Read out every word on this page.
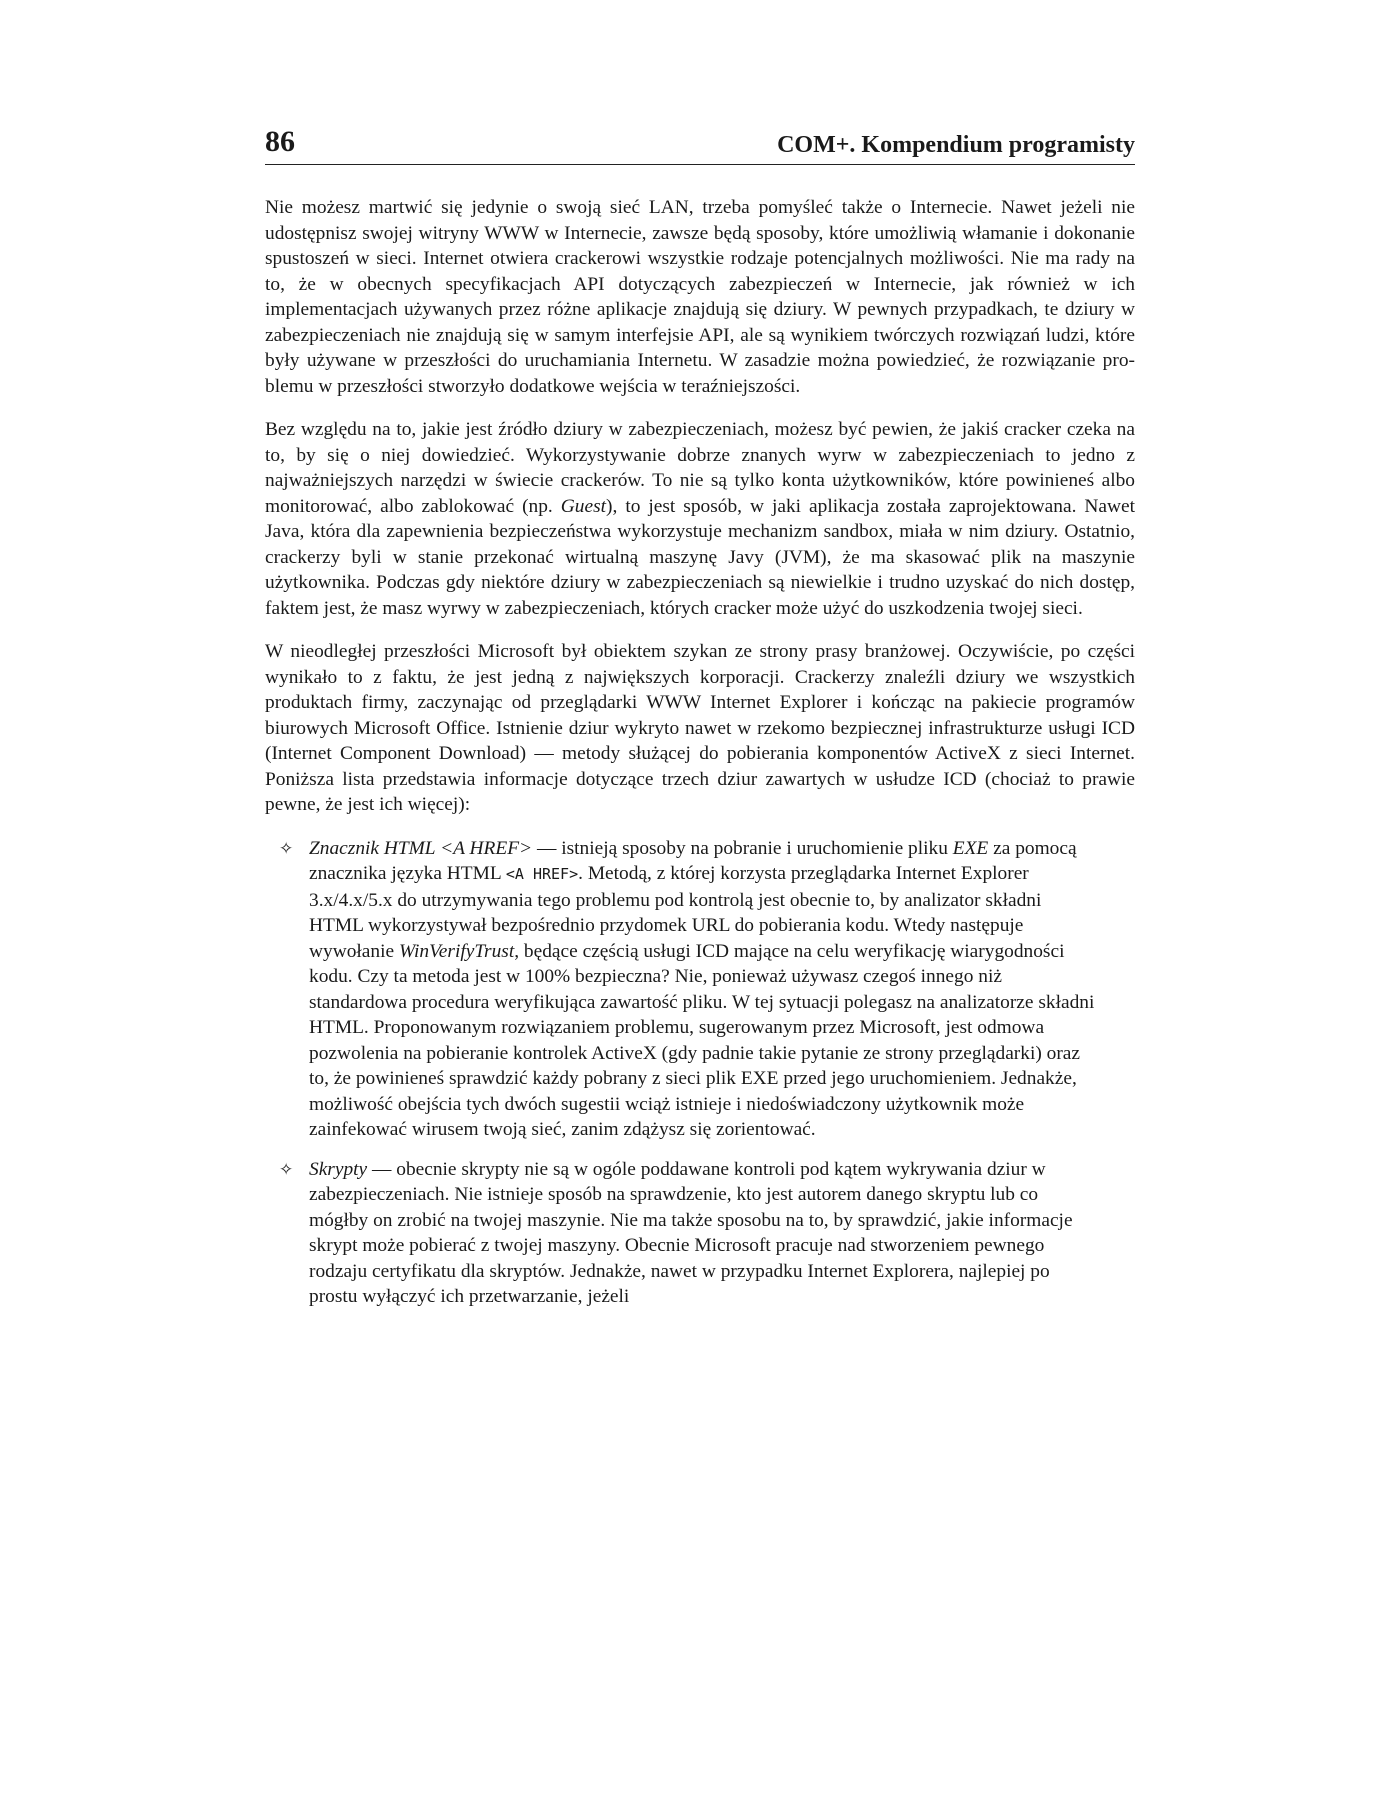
86	COM+. Kompendium programisty

Nie możesz martwić się jedynie o swoją sieć LAN, trzeba pomyśleć także o Internecie. Nawet jeżeli nie udostępnisz swojej witryny WWW w Internecie, zawsze będą sposoby, które umożliwią włamanie i dokonanie spustoszeń w sieci. Internet otwiera crackerowi wszystkie rodzaje potencjalnych możliwości. Nie ma rady na to, że w obecnych specyfikacjach API dotyczących zabezpieczeń w Internecie, jak również w ich implementacjach używanych przez różne aplikacje znajdują się dziury. W pewnych przypadkach, te dziury w zabezpieczeniach nie znajdują się w samym interfejsie API, ale są wynikiem twórczych rozwiązań ludzi, które były używane w przeszłości do uruchamiania Internetu. W zasadzie można powiedzieć, że rozwiązanie problemu w przeszłości stworzyło dodatkowe wejścia w teraźniejszości.

Bez względu na to, jakie jest źródło dziury w zabezpieczeniach, możesz być pewien, że jakiś cracker czeka na to, by się o niej dowiedzieć. Wykorzystywanie dobrze znanych wyrw w zabezpieczeniach to jedno z najważniejszych narzędzi w świecie crackerów. To nie są tylko konta użytkowników, które powinieneś albo monitorować, albo zablokować (np. Guest), to jest sposób, w jaki aplikacja została zaprojektowana. Nawet Java, która dla zapewnienia bezpieczeństwa wykorzystuje mechanizm sandbox, miała w nim dziury. Ostatnio, crackerzy byli w stanie przekonać wirtualną maszynę Javy (JVM), że ma skasować plik na maszynie użytkownika. Podczas gdy niektóre dziury w zabezpieczeniach są niewielkie i trudno uzyskać do nich dostęp, faktem jest, że masz wyrwy w zabezpieczeniach, których cracker może użyć do uszkodzenia twojej sieci.

W nieodległej przeszłości Microsoft był obiektem szykan ze strony prasy branżowej. Oczywiście, po części wynikało to z faktu, że jest jedną z największych korporacji. Crackerzy znaleźli dziury we wszystkich produktach firmy, zaczynając od przeglądarki WWW Internet Explorer i kończąc na pakiecie programów biurowych Microsoft Office. Istnienie dziur wykryto nawet w rzekomo bezpiecznej infrastrukturze usługi ICD (Internet Component Download) — metody służącej do pobierania komponentów ActiveX z sieci Internet. Poniższa lista przedstawia informacje dotyczące trzech dziur zawartych w usłudze ICD (chociaż to prawie pewne, że jest ich więcej):

✧ Znacznik HTML <A HREF> — istnieją sposoby na pobranie i uruchomienie pliku EXE za pomocą znacznika języka HTML <A HREF>. Metodą, z której korzysta przeglądarka Internet Explorer 3.x/4.x/5.x do utrzymywania tego problemu pod kontrolą jest obecnie to, by analizator składni HTML wykorzystywał bezpośrednio przydomek URL do pobierania kodu. Wtedy następuje wywołanie WinVerifyTrust, będące częścią usługi ICD mające na celu weryfikację wiarygodności kodu. Czy ta metoda jest w 100% bezpieczna? Nie, ponieważ używasz czegoś innego niż standardowa procedura weryfikująca zawartość pliku. W tej sytuacji polegasz na analizatorze składni HTML. Proponowanym rozwiązaniem problemu, sugerowanym przez Microsoft, jest odmowa pozwolenia na pobieranie kontrolek ActiveX (gdy padnie takie pytanie ze strony przeglądarki) oraz to, że powinieneś sprawdzić każdy pobrany z sieci plik EXE przed jego uruchomieniem. Jednakże, możliwość obejścia tych dwóch sugestii wciąż istnieje i niedoświadczony użytkownik może zainfekować wirusem twoją sieć, zanim zdążysz się zorientować.
✧ Skrypty — obecnie skrypty nie są w ogóle poddawane kontroli pod kątem wykrywania dziur w zabezpieczeniach. Nie istnieje sposób na sprawdzenie, kto jest autorem danego skryptu lub co mógłby on zrobić na twojej maszynie. Nie ma także sposobu na to, by sprawdzić, jakie informacje skrypt może pobierać z twojej maszyny. Obecnie Microsoft pracuje nad stworzeniem pewnego rodzaju certyfikatu dla skryptów. Jednakże, nawet w przypadku Internet Explorera, najlepiej po prostu wyłączyć ich przetwarzanie, jeżeli
